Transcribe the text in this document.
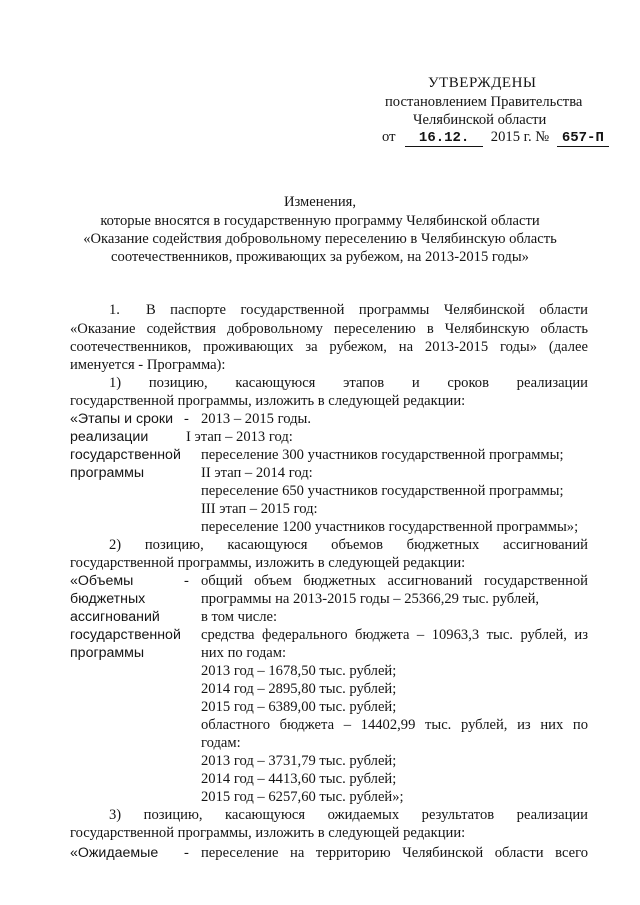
УТВЕРЖДЕНЫ
постановлением Правительства
Челябинской области
от 16.12. 2015 г. № 657-П
Изменения,
которые вносятся в государственную программу Челябинской области
«Оказание содействия добровольному переселению в Челябинскую область
соотечественников, проживающих за рубежом, на 2013-2015 годы»
1. В паспорте государственной программы Челябинской области
«Оказание содействия добровольному переселению в Челябинскую область
соотечественников, проживающих за рубежом, на 2013-2015 годы» (далее
именуется - Программа):
1) позицию, касающуюся этапов и сроков реализации
государственной программы, изложить в следующей редакции:
«Этапы и сроки
реализации
государственной
программы
- 2013 – 2015 годы.
I этап – 2013 год:
переселение 300 участников государственной программы;
II этап – 2014 год:
переселение 650 участников государственной программы;
III этап – 2015 год:
переселение 1200 участников государственной программы»;
2) позицию, касающуюся объемов бюджетных ассигнований
государственной программы, изложить в следующей редакции:
«Объемы
бюджетных
ассигнований
государственной
программы
- общий объем бюджетных ассигнований государственной
программы на 2013-2015 годы – 25366,29 тыс. рублей,
в том числе:
средства федерального бюджета – 10963,3 тыс. рублей, из
них по годам:
2013 год – 1678,50 тыс. рублей;
2014 год – 2895,80 тыс. рублей;
2015 год – 6389,00 тыс. рублей;
областного бюджета – 14402,99 тыс. рублей, из них по
годам:
2013 год – 3731,79 тыс. рублей;
2014 год – 4413,60 тыс. рублей;
2015 год – 6257,60 тыс. рублей»;
3) позицию, касающуюся ожидаемых результатов реализации
государственной программы, изложить в следующей редакции:
«Ожидаемые - переселение на территорию Челябинской области всего
